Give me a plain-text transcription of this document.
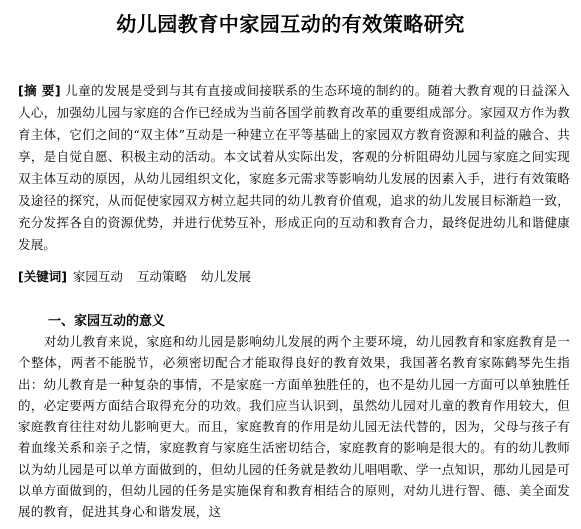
幼儿园教育中家园互动的有效策略研究
[摘 要] 儿童的发展是受到与其有直接或间接联系的生态环境的制约的。随着大教育观的日益深入人心，加强幼儿园与家庭的合作已经成为当前各国学前教育改革的重要组成部分。家园双方作为教育主体，它们之间的“双主体”互动是一种建立在平等基础上的家园双方教育资源和利益的融合、共享，是自觉自愿、积极主动的活动。本文试着从实际出发，客观的分析阻碍幼儿园与家庭之间实现双主体互动的原因，从幼儿园组织文化，家庭多元需求等影响幼儿发展的因素入手，进行有效策略及途径的探究，从而促使家园双方树立起共同的幼儿教育价值观，追求的幼儿发展目标渐趋一致，充分发挥各自的资源优势，并进行优势互补，形成正向的互动和教育合力，最终促进幼儿和谐健康发展。
[关键词] 家园互动 互动策略 幼儿发展
一、家园互动的意义
对幼儿教育来说，家庭和幼儿园是影响幼儿发展的两个主要环境，幼儿园教育和家庭教育是一个整体，两者不能脱节，必须密切配合才能取得良好的教育效果，我国著名教育家陈鹤琴先生指出：幼儿教育是一种复杂的事情，不是家庭一方面单独胜任的，也不是幼儿园一方面可以单独胜任的，必定要两方面结合取得充分的功效。我们应当认识到，虽然幼儿园对儿童的教育作用较大，但家庭教育往往对幼儿影响更大。而且，家庭教育的作用是幼儿园无法代替的，因为，父母与孩子有着血缘关系和亲子之情，家庭教育与家庭生活密切结合，家庭教育的影响是很大的。有的幼儿教师以为幼儿园是可以单方面做到的，但幼儿园的任务就是教幼儿唱唱歌、学一点知识，那幼儿园是可以单方面做到的，但幼儿园的任务是实施保育和教育相结合的原则，对幼儿进行智、德、美全面发展的教育，促进其身心和谐发展，这
